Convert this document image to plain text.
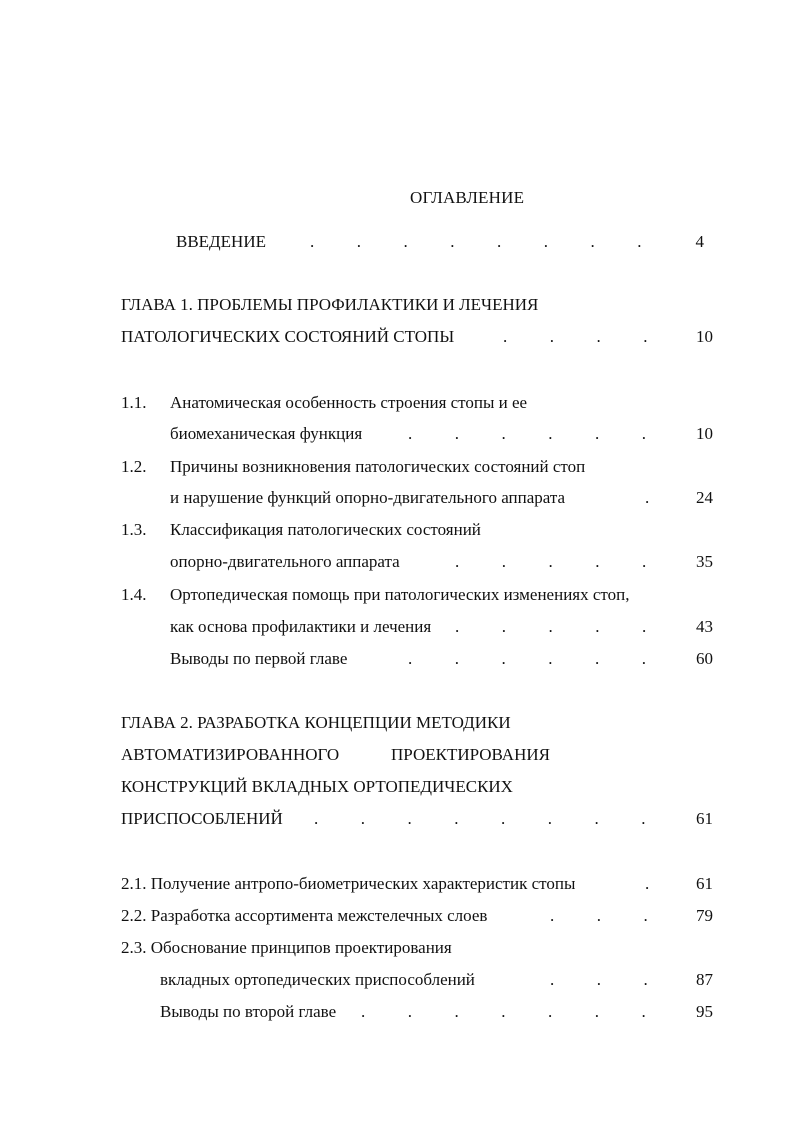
ОГЛАВЛЕНИЕ
ВВЕДЕНИЕ	.          .          .          .          .          .          .          .	4
ГЛАВА 1. ПРОБЛЕМЫ ПРОФИЛАКТИКИ И ЛЕЧЕНИЯ
ПАТОЛОГИЧЕСКИХ СОСТОЯНИЙ СТОПЫ	.          .          .          .	10
1.1. Анатомическая особенность строения стопы и ее
биомеханическая функция	.          .          .          .          .          .	10
1.2. Причины возникновения патологических состояний стоп
и нарушение функций опорно-двигательного аппарата	.	24
1.3. Классификация патологических состояний
опорно-двигательного аппарата	.          .          .          .          .	35
1.4. Ортопедическая помощь при патологических изменениях стоп,
как основа профилактики и лечения .          .          .          .          .	43
Выводы по первой главе	.          .          .          .          .          .	60
ГЛАВА 2. РАЗРАБОТКА КОНЦЕПЦИИ МЕТОДИКИ
АВТОМАТИЗИРОВАННОГО	ПРОЕКТИРОВАНИЯ
КОНСТРУКЦИЙ ВКЛАДНЫХ ОРТОПЕДИЧЕСКИХ
ПРИСПОСОБЛЕНИЙ .          .          .          .          .          .          .          .	61
2.1. Получение антропо-биометрических характеристик стопы	.	61
2.2. Разработка ассортимента межстелечных слоев	.          .          .	79
2.3. Обоснование принципов проектирования
вкладных ортопедических приспособлений	.          .          .	87
Выводы по второй главе .          .          .          .          .          .          .	95
